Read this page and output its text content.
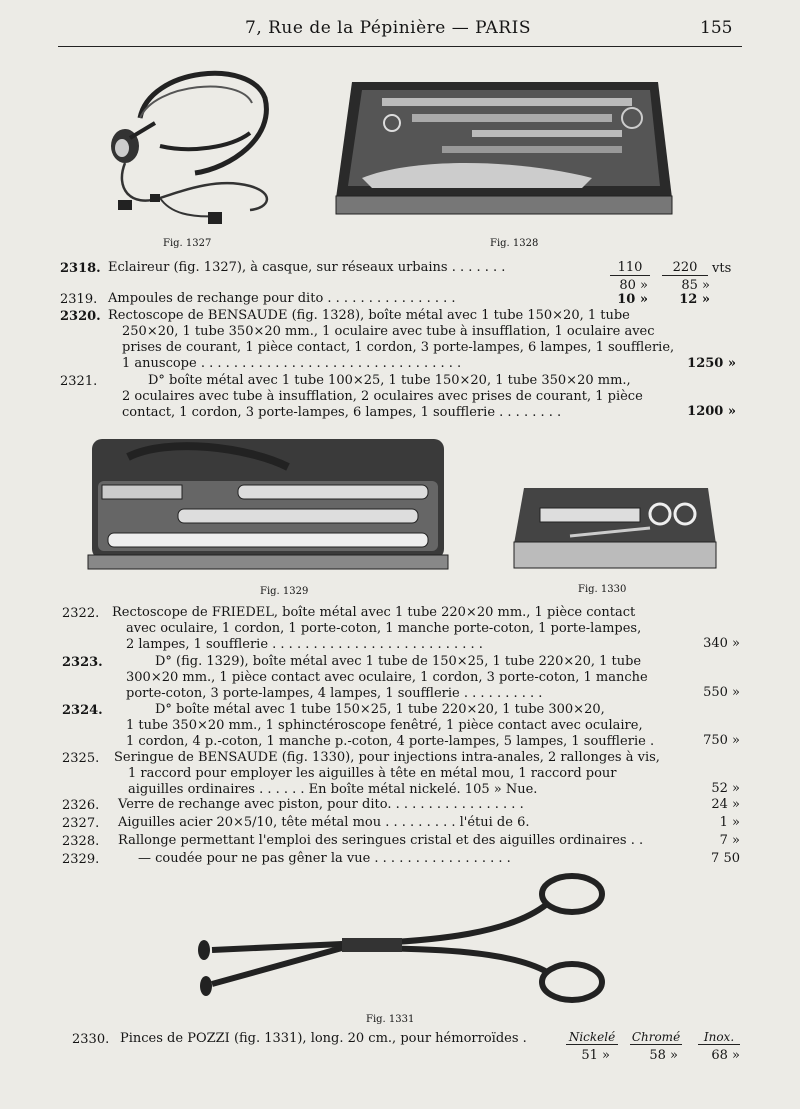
7, Rue de la Pépinière — PARIS	155
Fig. 1327	Fig. 1328
2318. Eclaireur (fig. 1327), à casque, sur réseaux urbains . . . . . . .	110	220	vts
80 »	85 »
2319. Ampoules de rechange pour dito . . . . . . . . . . . . . . . .	10 »	12 »
2320. Rectoscope de BENSAUDE (fig. 1328), boîte métal avec 1 tube 150×20, 1 tube
250×20, 1 tube 350×20 mm., 1 oculaire avec tube à insufflation, 1 oculaire avec
prises de courant, 1 pièce contact, 1 cordon, 3 porte-lampes, 6 lampes, 1 soufflerie,
1 anuscope . . . . . . . . . . . . . . . . . . . . . . . . . . . . . . . .	1250 »
2321.	D° boîte métal avec 1 tube 100×25, 1 tube 150×20, 1 tube 350×20 mm.,
2 oculaires avec tube à insufflation, 2 oculaires avec prises de courant, 1 pièce
contact, 1 cordon, 3 porte-lampes, 6 lampes, 1 soufflerie . . . . . . . .	1200 »
Fig. 1329	Fig. 1330
2322. Rectoscope de FRIEDEL, boîte métal avec 1 tube 220×20 mm., 1 pièce contact
avec oculaire, 1 cordon, 1 porte-coton, 1 manche porte-coton, 1 porte-lampes,
2 lampes, 1 soufflerie . . . . . . . . . . . . . . . . . . . . . . . . . .	340 »
2323.	D° (fig. 1329), boîte métal avec 1 tube de 150×25, 1 tube 220×20, 1 tube
300×20 mm., 1 pièce contact avec oculaire, 1 cordon, 3 porte-coton, 1 manche
porte-coton, 3 porte-lampes, 4 lampes, 1 soufflerie . . . . . . . . . .	550 »
2324.	D° boîte métal avec 1 tube 150×25, 1 tube 220×20, 1 tube 300×20,
1 tube 350×20 mm., 1 sphinctéroscope fenêtré, 1 pièce contact avec oculaire,
1 cordon, 4 p.-coton, 1 manche p.-coton, 4 porte-lampes, 5 lampes, 1 soufflerie .	750 »
2325. Seringue de BENSAUDE (fig. 1330), pour injections intra-anales, 2 rallonges à vis,
1 raccord pour employer les aiguilles à tête en métal mou, 1 raccord pour
aiguilles ordinaires . . . . . . En boîte métal nickelé. 105 » Nue.	52 »
2326. Verre de rechange avec piston, pour dito. . . . . . . . . . . . . . . . .	24 »
2327. Aiguilles acier 20×5/10, tête métal mou . . . . . . . . . l'étui de 6.	1 »
2328. Rallonge permettant l'emploi des seringues cristal et des aiguilles ordinaires . .	7 »
2329.	— coudée pour ne pas gêner la vue . . . . . . . . . . . . . . . . .	7 50
Fig. 1331
2330. Pinces de POZZI (fig. 1331), long. 20 cm., pour hémorroïdes .	Nickelé Chromé	Inox.
51 »	58 »	68 »
